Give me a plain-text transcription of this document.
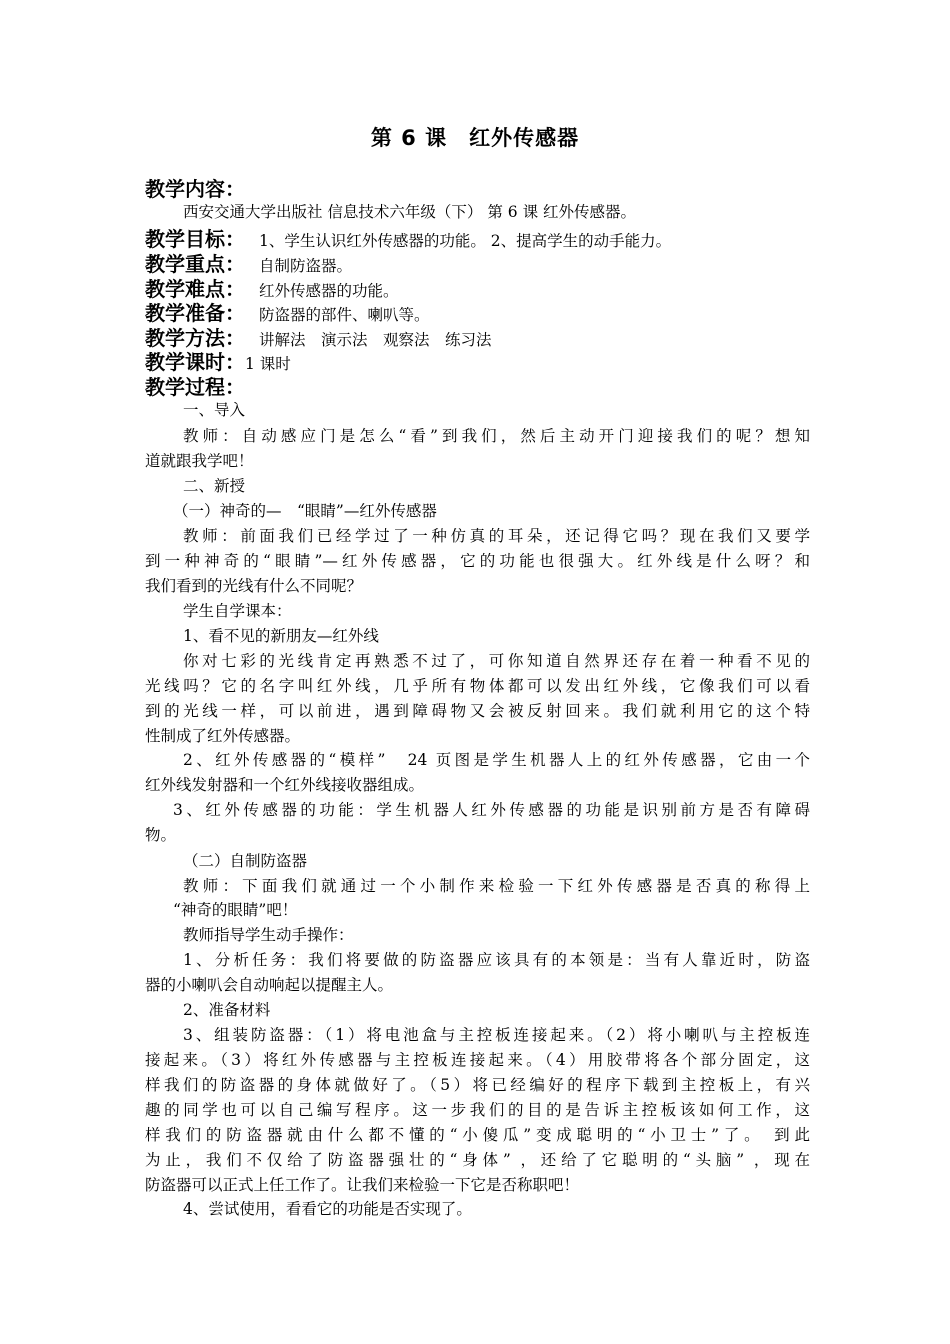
第 6 课　红外传感器
教学内容：
西安交通大学出版社 信息技术六年级（下） 第 6 课 红外传感器。
教学目标： 1、学生认识红外传感器的功能。 2、提高学生的动手能力。
教学重点： 自制防盗器。
教学难点： 红外传感器的功能。
教学准备： 防盗器的部件、喇叭等。
教学方法： 讲解法　演示法　观察法　练习法
教学课时：1 课时
教学过程：
一、导入
教师：自动感应门是怎么“看”到我们，然后主动开门迎接我们的呢？想知
道就跟我学吧！
二、新授
（一）神奇的—　“眼睛”—红外传感器
教师：前面我们已经学过了一种仿真的耳朵，还记得它吗？现在我们又要学
到一种神奇的“眼睛”—红外传感器，它的功能也很强大。红外线是什么呀？和
我们看到的光线有什么不同呢？
学生自学课本：
1、看不见的新朋友—红外线
你对七彩的光线肯定再熟悉不过了，可你知道自然界还存在着一种看不见的
光线吗？它的名字叫红外线，几乎所有物体都可以发出红外线，它像我们可以看
到的光线一样，可以前进，遇到障碍物又会被反射回来。我们就利用它的这个特
性制成了红外传感器。
2、红外传感器的“模样”　24 页图是学生机器人上的红外传感器，它由一个
红外线发射器和一个红外线接收器组成。
3、红外传感器的功能：学生机器人红外传感器的功能是识别前方是否有障碍
物。
（二）自制防盗器
教师：下面我们就通过一个小制作来检验一下红外传感器是否真的称得上
“神奇的眼睛”吧！
教师指导学生动手操作：
1、分析任务：我们将要做的防盗器应该具有的本领是：当有人靠近时，防盗
器的小喇叭会自动响起以提醒主人。
2、准备材料
3、组装防盗器：（1）将电池盒与主控板连接起来。（2）将小喇叭与主控板连
接起来。（3）将红外传感器与主控板连接起来。（4）用胶带将各个部分固定，这
样我们的防盗器的身体就做好了。（5）将已经编好的程序下载到主控板上，有兴
趣的同学也可以自己编写程序。这一步我们的目的是告诉主控板该如何工作，这
样我们的防盗器就由什么都不懂的“小傻瓜”变成聪明的“小卫士”了。 到此
为止，我们不仅给了防盗器强壮的“身体” ，还给了它聪明的“头脑” ，现在
防盗器可以正式上任工作了。让我们来检验一下它是否称职吧！
4、尝试使用，看看它的功能是否实现了。
